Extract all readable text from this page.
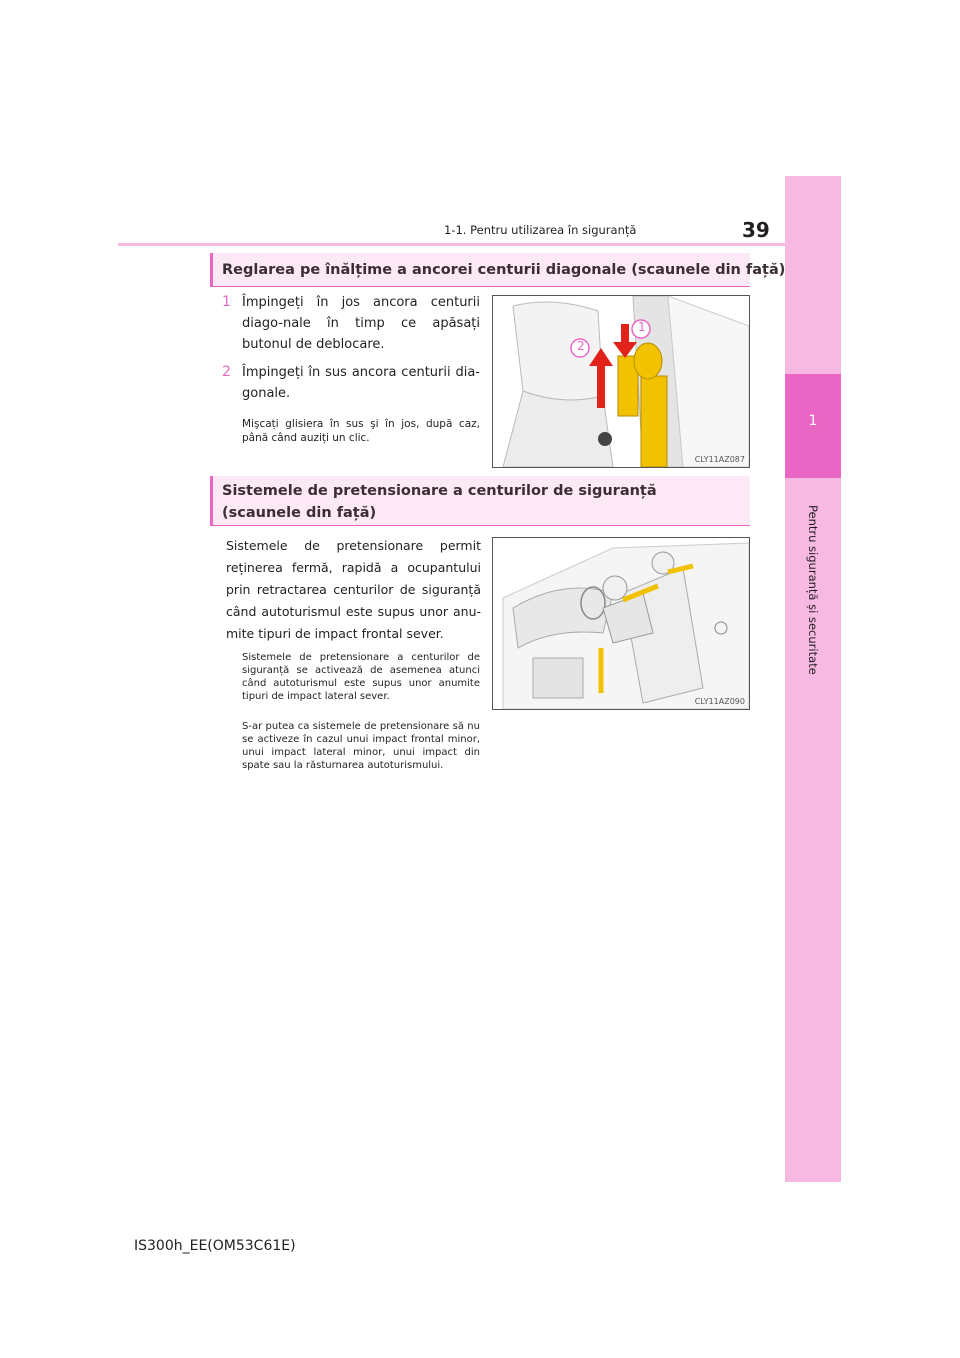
1
Pentru siguranță și securitate
1-1. Pentru utilizarea în siguranță	39
Reglarea pe înălțime a ancorei centurii diagonale (scaunele din față)
1 Împingeți în jos ancora centurii diago-nale în timp ce apăsați butonul de deblocare.
2 Împingeți în sus ancora centurii dia-gonale.
Mişcați glisiera în sus şi în jos, după caz, până când auziți un clic.
2
1
CLY11AZ087
Sistemele de pretensionare a centurilor de siguranță
(scaunele din față)
Sistemele de pretensionare permit reținerea fermă, rapidă a ocupantului prin retractarea centurilor de siguranță când autoturismul este supus unor anu-mite tipuri de impact frontal sever.
Sistemele de pretensionare a centurilor de siguranță se activează de asemenea atunci când autoturismul este supus unor anumite tipuri de impact lateral sever.
S-ar putea ca sistemele de pretensionare să nu se activeze în cazul unui impact frontal minor, unui impact lateral minor, unui impact din spate sau la răsturnarea autoturismului.
CLY11AZ090
IS300h_EE(OM53C61E)
